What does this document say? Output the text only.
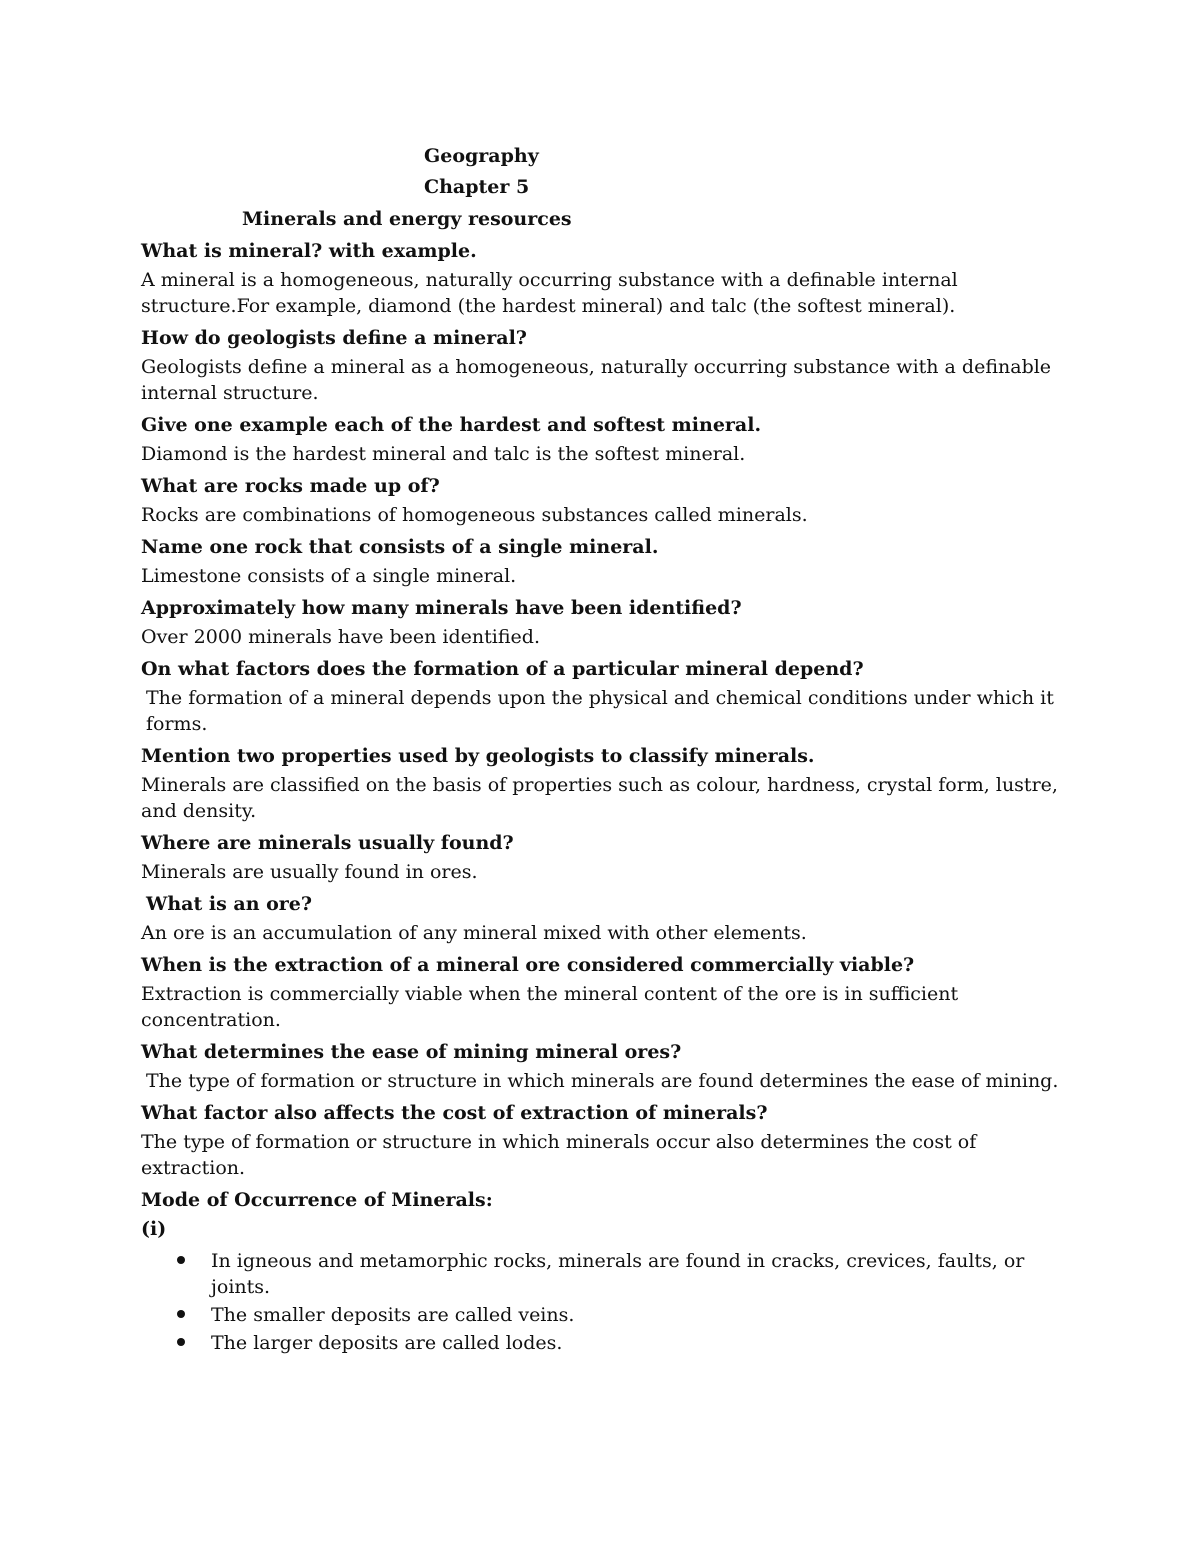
Geography
Chapter 5
Minerals and energy resources

What is mineral? with example.

A mineral is a homogeneous, naturally occurring substance with a definable internal structure.For example, diamond (the hardest mineral) and talc (the softest mineral).

How do geologists define a mineral?

Geologists define a mineral as a homogeneous, naturally occurring substance with a definable internal structure.

Give one example each of the hardest and softest mineral.

Diamond is the hardest mineral and talc is the softest mineral.

What are rocks made up of?

Rocks are combinations of homogeneous substances called minerals.

Name one rock that consists of a single mineral.

Limestone consists of a single mineral.

Approximately how many minerals have been identified?

Over 2000 minerals have been identified.

On what factors does the formation of a particular mineral depend?

The formation of a mineral depends upon the physical and chemical conditions under which it forms.

Mention two properties used by geologists to classify minerals.

Minerals are classified on the basis of properties such as colour, hardness, crystal form, lustre, and density.

Where are minerals usually found?

Minerals are usually found in ores.

What is an ore?

An ore is an accumulation of any mineral mixed with other elements.

When is the extraction of a mineral ore considered commercially viable?

Extraction is commercially viable when the mineral content of the ore is in sufficient concentration.

What determines the ease of mining mineral ores?

The type of formation or structure in which minerals are found determines the ease of mining.

What factor also affects the cost of extraction of minerals?

The type of formation or structure in which minerals occur also determines the cost of extraction.

Mode of Occurrence of Minerals:

(i)

In igneous and metamorphic rocks, minerals are found in cracks, crevices, faults, or joints.
The smaller deposits are called veins.
The larger deposits are called lodes.
